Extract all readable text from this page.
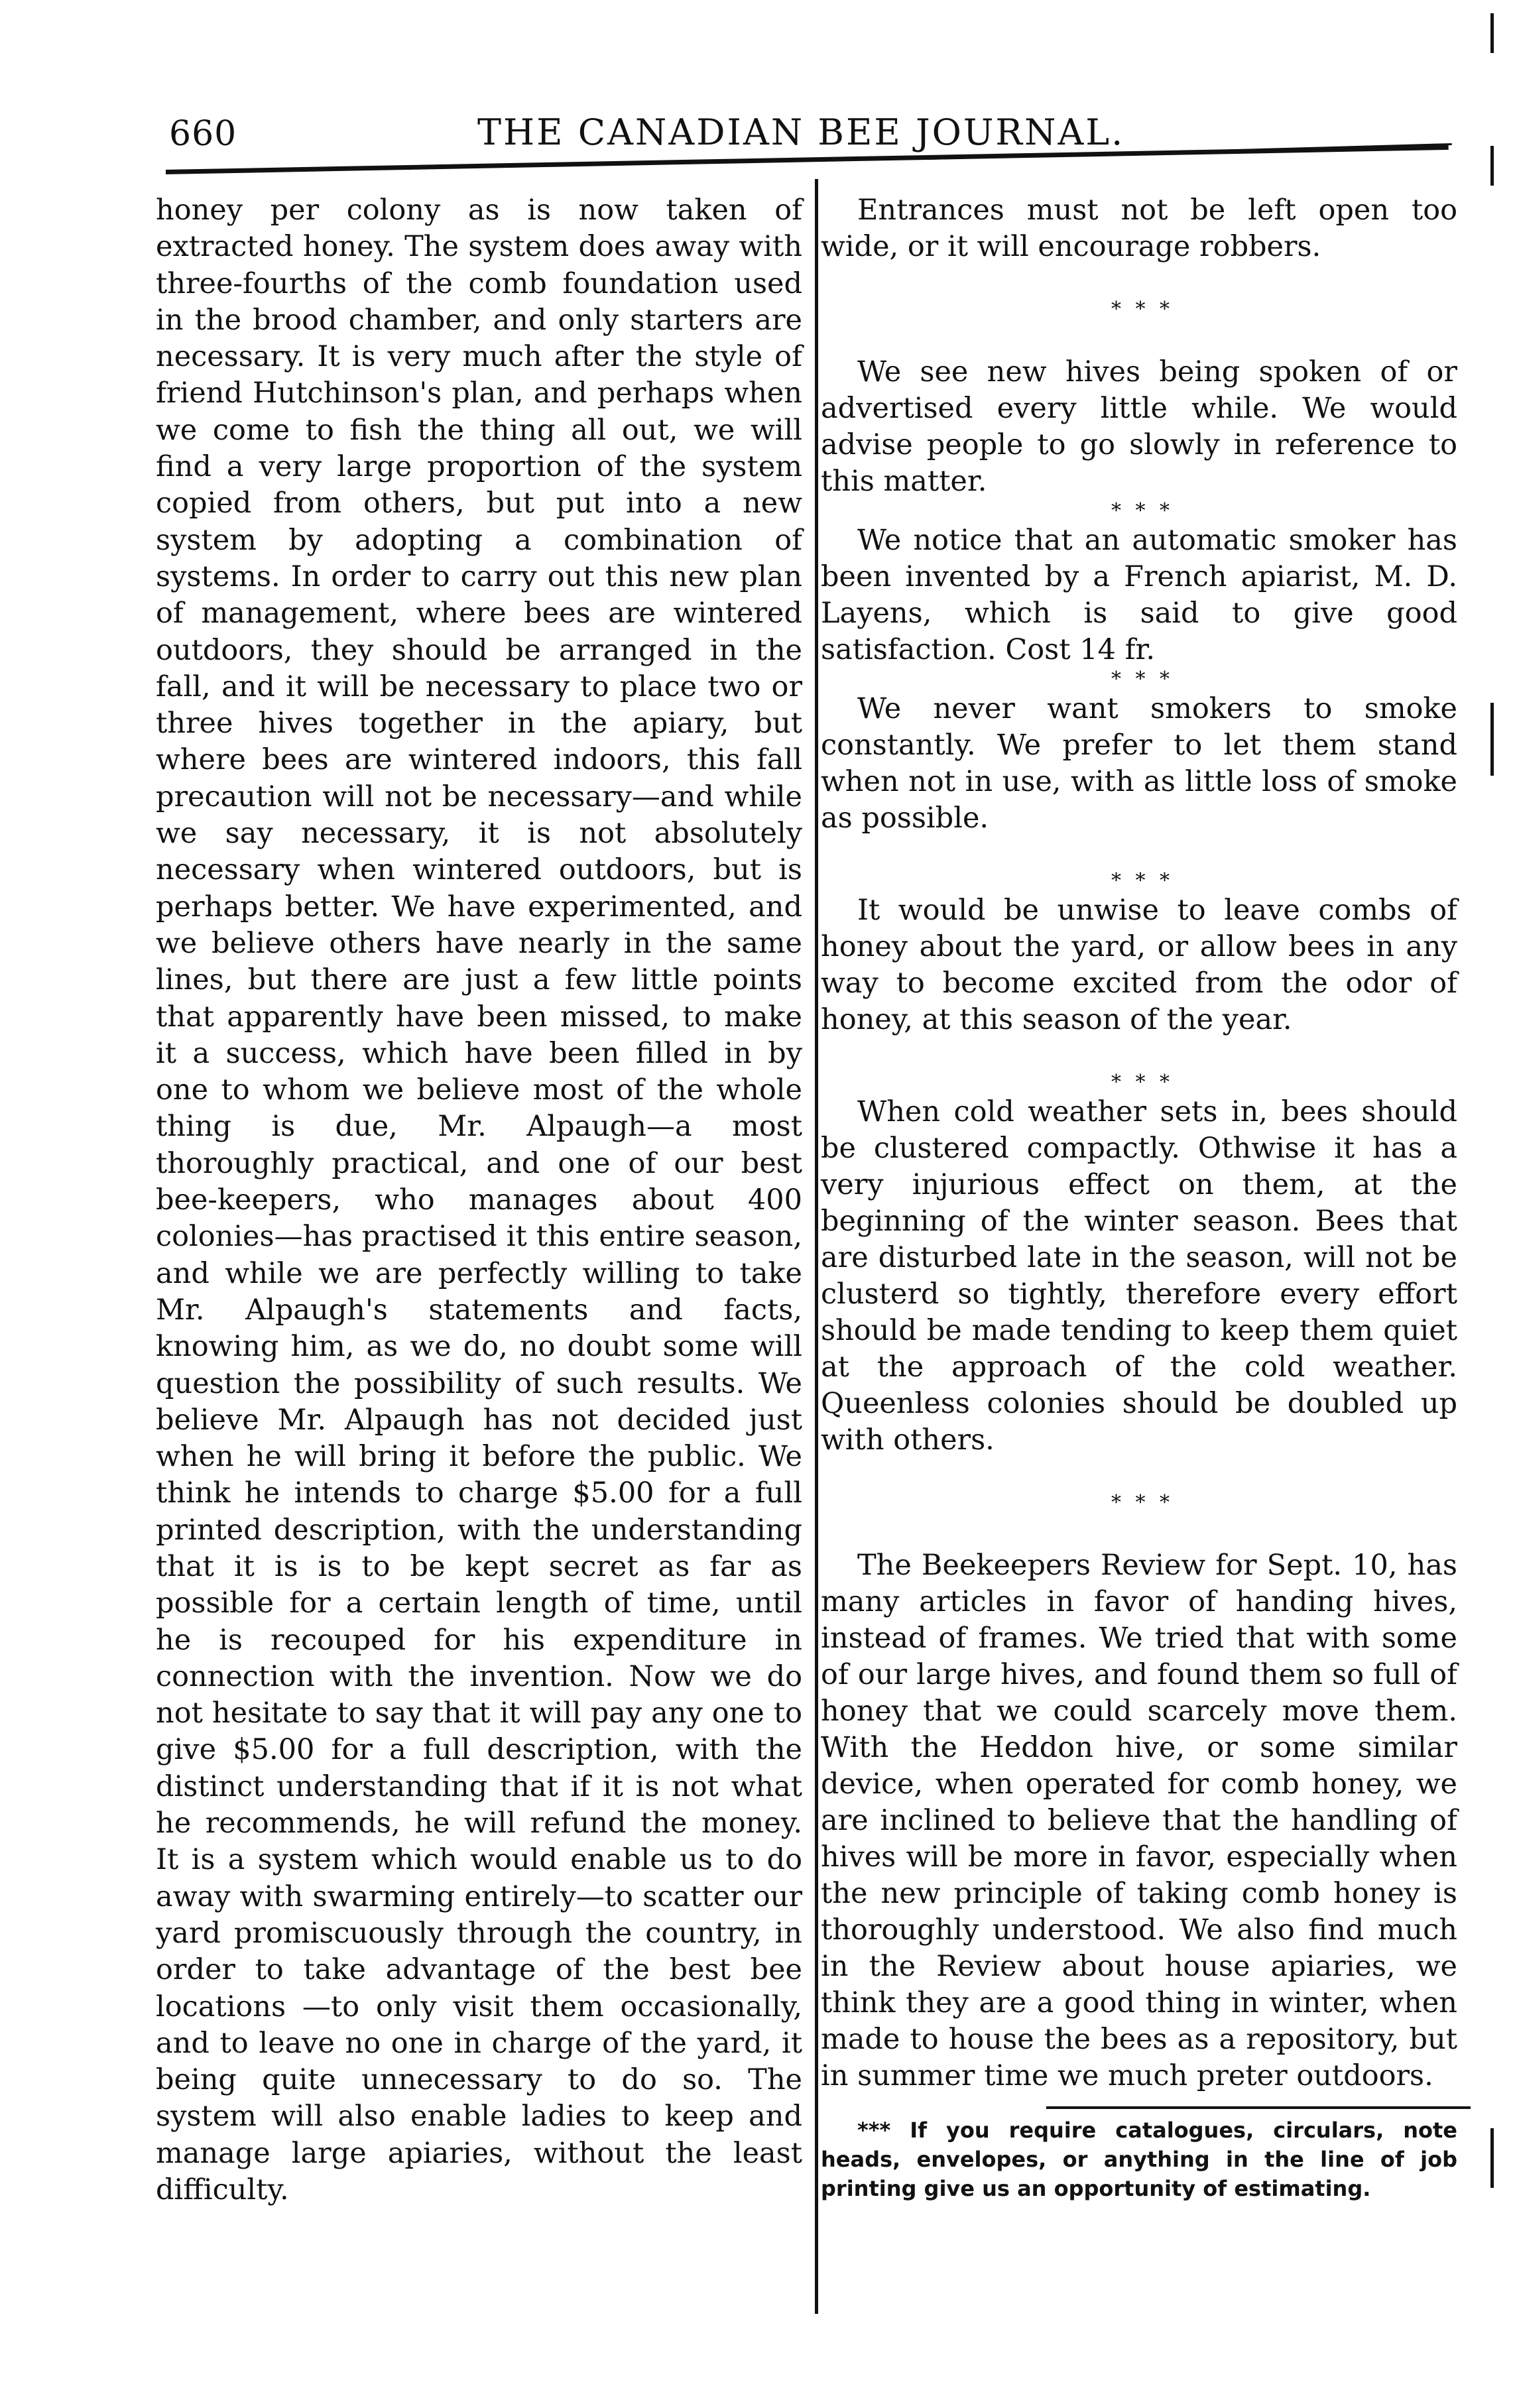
660	THE CANADIAN BEE JOURNAL.

honey per colony as is now taken of extracted honey. The system does away with three-fourths of the comb foundation used in the brood chamber, and only starters are necessary. It is very much after the style of friend Hutchinson's plan, and perhaps when we come to fish the thing all out, we will find a very large proportion of the system copied from others, but put into a new system by adopting a combination of systems. In order to carry out this new plan of management, where bees are wintered outdoors, they should be arranged in the fall, and it will be necessary to place two or three hives together in the apiary, but where bees are wintered indoors, this fall precaution will not be necessary—and while we say necessary, it is not absolutely necessary when wintered outdoors, but is perhaps better. We have experimented, and we believe others have nearly in the same lines, but there are just a few little points that apparently have been missed, to make it a success, which have been filled in by one to whom we believe most of the whole thing is due, Mr. Alpaugh—a most thoroughly practical, and one of our best bee-keepers, who manages about 400 colonies—has practised it this entire season, and while we are perfectly willing to take Mr. Alpaugh's statements and facts, knowing him, as we do, no doubt some will question the possibility of such results. We believe Mr. Alpaugh has not decided just when he will bring it before the public. We think he intends to charge $5.00 for a full printed description, with the understanding that it is is to be kept secret as far as possible for a certain length of time, until he is recouped for his expenditure in connection with the invention. Now we do not hesitate to say that it will pay any one to give $5.00 for a full description, with the distinct understanding that if it is not what he recommends, he will refund the money. It is a system which would enable us to do away with swarming entirely—to scatter our yard promiscuously through the country, in order to take advantage of the best bee locations —to only visit them occasionally, and to leave no one in charge of the yard, it being quite unnecessary to do so. The system will also enable ladies to keep and manage large apiaries, without the least difficulty.

Entrances must not be left open too wide, or it will encourage robbers.

* * *

We see new hives being spoken of or advertised every little while. We would advise people to go slowly in reference to this matter.

* * *

We notice that an automatic smoker has been invented by a French apiarist, M. D. Layens, which is said to give good satisfaction. Cost 14 fr.

* * *

We never want smokers to smoke constantly. We prefer to let them stand when not in use, with as little loss of smoke as possible.

* * *

It would be unwise to leave combs of honey about the yard, or allow bees in any way to become excited from the odor of honey, at this season of the year.

* * *

When cold weather sets in, bees should be clustered compactly. Othwise it has a very injurious effect on them, at the beginning of the winter season. Bees that are disturbed late in the season, will not be clusterd so tightly, therefore every effort should be made tending to keep them quiet at the approach of the cold weather. Queenless colonies should be doubled up with others.

* * *

The Beekeepers Review for Sept. 10, has many articles in favor of handing hives, instead of frames. We tried that with some of our large hives, and found them so full of honey that we could scarcely move them. With the Heddon hive, or some similar device, when operated for comb honey, we are inclined to believe that the handling of hives will be more in favor, especially when the new principle of taking comb honey is thoroughly understood. We also find much in the Review about house apiaries, we think they are a good thing in winter, when made to house the bees as a repository, but in summer time we much preter outdoors.

*** If you require catalogues, circulars, note heads, envelopes, or anything in the line of job printing give us an opportunity of estimating.
